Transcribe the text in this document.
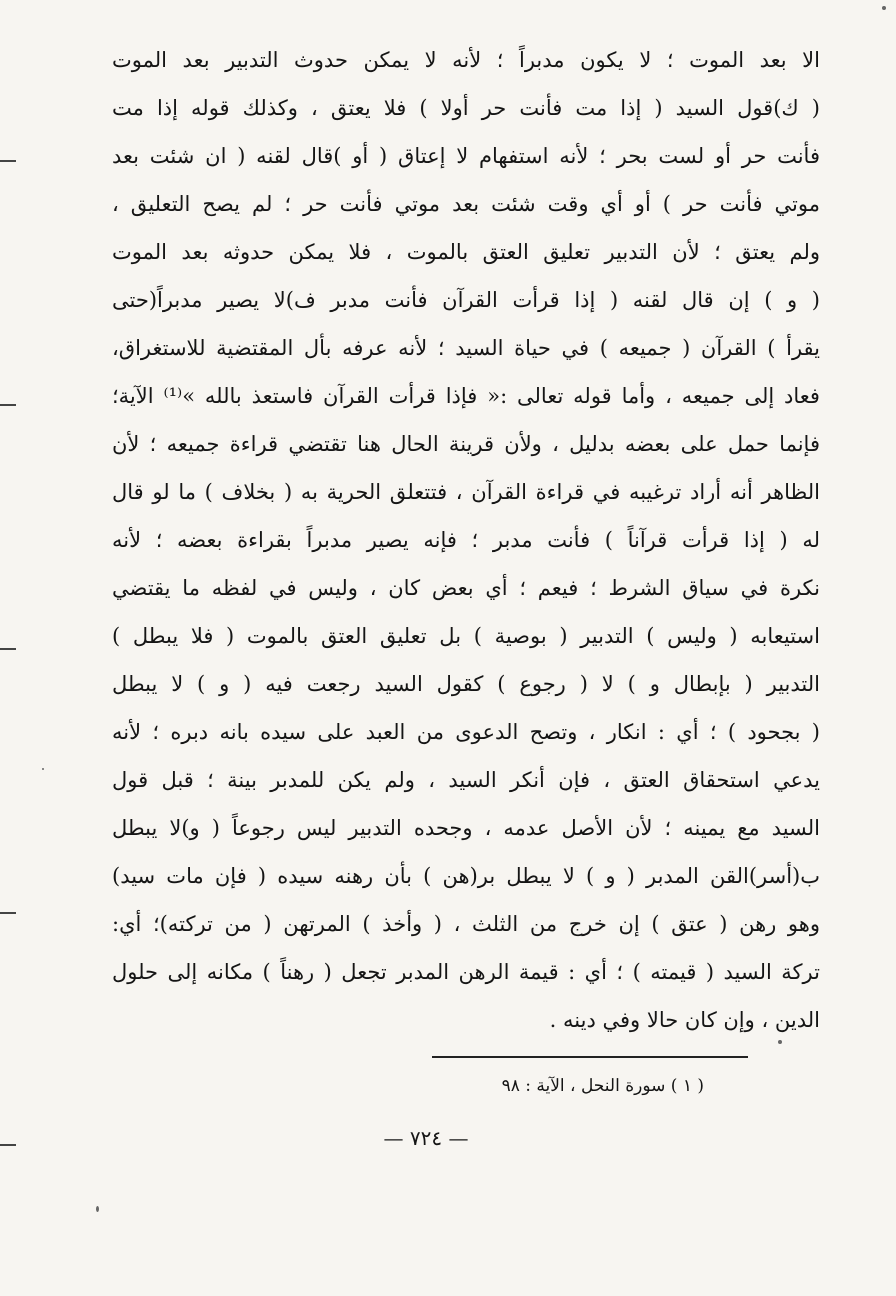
الا بعد الموت ؛ لا يكون مدبراً ؛ لأنه لا يمكن حدوث التدبير بعد الموت
( ك)قول السيد ( إذا مت فأنت حر أولا ) فلا يعتق ، وكذلك قوله إذا مت
فأنت حر أو لست بحر ؛ لأنه استفهام لا إعتاق ( أو )قال لقنه ( ان شئت بعد
موتي فأنت حر ) أو أي وقت شئت بعد موتي فأنت حر ؛ لم يصح التعليق ،
ولم يعتق ؛ لأن التدبير تعليق العتق بالموت ، فلا يمكن حدوثه بعد الموت
( و ) إن قال لقنه ( إذا قرأت القرآن فأنت مدبر ف)لا يصير مدبراً(حتى
يقرأ ) القرآن ( جميعه ) في حياة السيد ؛ لأنه عرفه بأل المقتضية للاستغراق،
فعاد إلى جميعه ، وأما قوله تعالى :« فإذا قرأت القرآن فاستعذ بالله »⁽¹⁾ الآية؛
فإنما حمل على بعضه بدليل ، ولأن قرينة الحال هنا تقتضي قراءة جميعه ؛ لأن
الظاهر أنه أراد ترغيبه في قراءة القرآن ، فتتعلق الحرية به ( بخلاف ) ما لو قال
له ( إذا قرأت قرآناً ) فأنت مدبر ؛ فإنه يصير مدبراً بقراءة بعضه ؛ لأنه
نكرة في سياق الشرط ؛ فيعم ؛ أي بعض كان ، وليس في لفظه ما يقتضي
استيعابه ( وليس ) التدبير ( بوصية ) بل تعليق العتق بالموت ( فلا يبطل )
التدبير ( بإبطال و ) لا ( رجوع ) كقول السيد رجعت فيه ( و ) لا يبطل
( بجحود ) ؛ أي : انكار ، وتصح الدعوى من العبد على سيده بانه دبره ؛ لأنه
يدعي استحقاق العتق ، فإن أنكر السيد ، ولم يكن للمدبر بينة ؛ قبل قول
السيد مع يمينه ؛ لأن الأصل عدمه ، وجحده التدبير ليس رجوعاً ( و)لا يبطل
ب(أسر)القن المدبر ( و ) لا يبطل بر(هن ) بأن رهنه سيده ( فإن مات سيد)
وهو رهن ( عتق ) إن خرج من الثلث ، ( وأخذ ) المرتهن ( من تركته)؛ أي:
تركة السيد ( قيمته ) ؛ أي : قيمة الرهن المدبر تجعل ( رهناً ) مكانه إلى حلول
الدين ، وإن كان حالا وفي دينه .
( ١ ) سورة النحل ، الآية : ٩٨
— ٧٢٤ —
